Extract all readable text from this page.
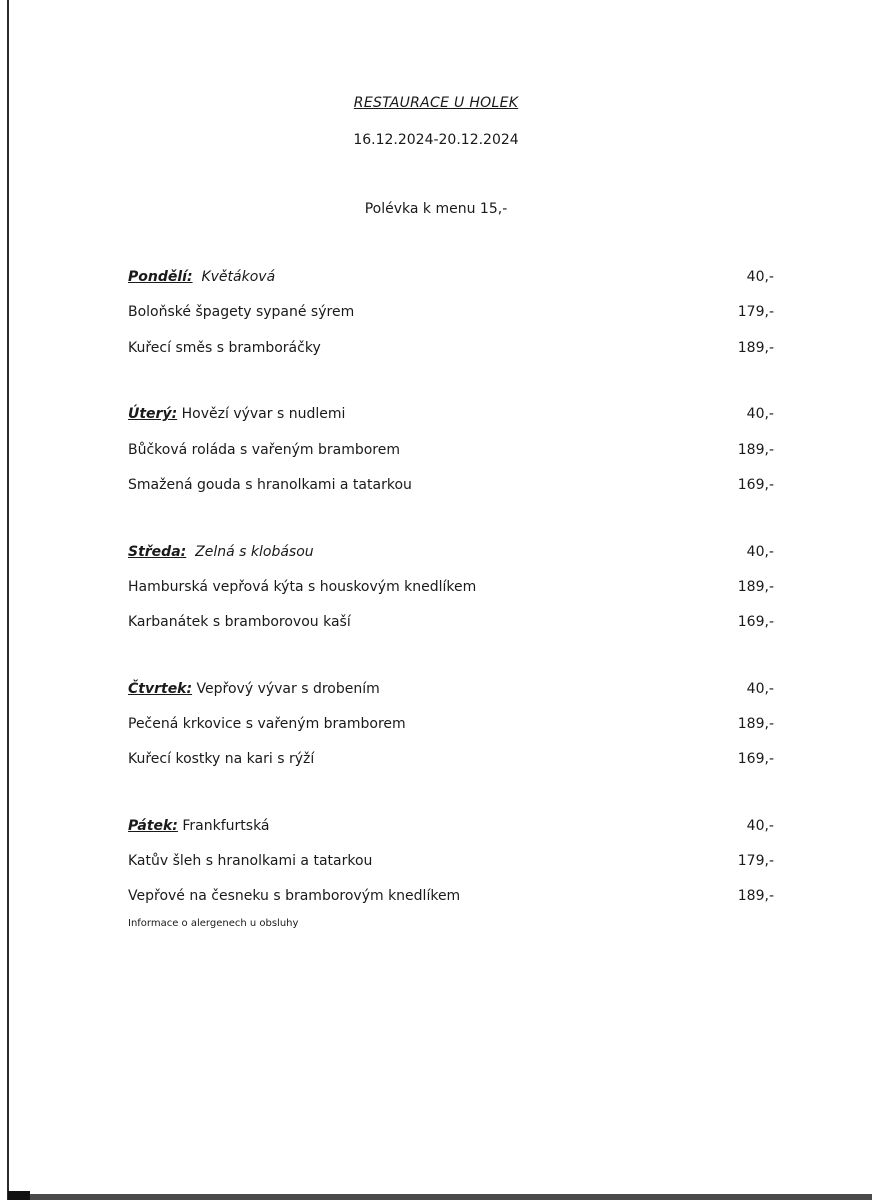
RESTAURACE U HOLEK
16.12.2024-20.12.2024
Polévka k menu 15,-
Pondělí: Květáková	40,-
Boloňské špagety sypané sýrem	179,-
Kuřecí směs s bramboráčky	189,-
Úterý: Hovězí vývar s nudlemi	40,-
Bůčková roláda s vařeným bramborem	189,-
Smažená gouda s hranolkami a tatarkou	169,-
Středa: Zelná s klobásou	40,-
Hamburská vepřová kýta s houskovým knedlíkem	189,-
Karbanátek s bramborovou kaší	169,-
Čtvrtek: Vepřový vývar s drobením	40,-
Pečená krkovice s vařeným bramborem	189,-
Kuřecí kostky na kari s rýží	169,-
Pátek: Frankfurtská	40,-
Katův šleh s hranolkami a tatarkou	179,-
Vepřové na česneku s bramborovým knedlíkem	189,-
Informace o alergenech u obsluhy
